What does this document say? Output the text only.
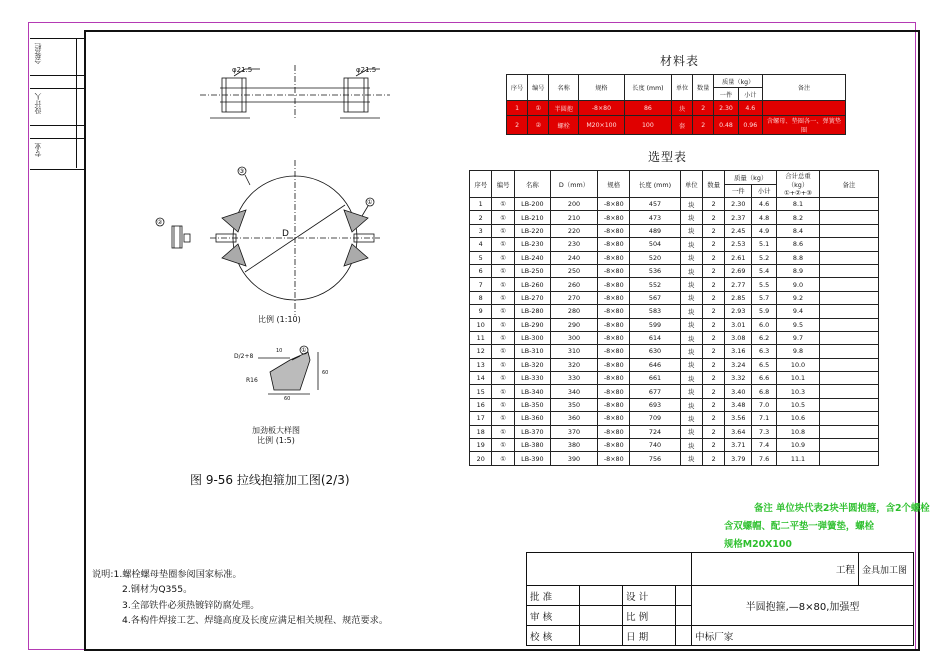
会签栏
设计人
专业
φ21.5	φ21.5
D
③
②
①
①
比例 (1:10)
D/2+8
R16
10
60
60
加劲板大样图
比例 (1:5)
图 9-56 拉线抱箍加工图(2/3)
材料表
序号	编号	名称	规格	长度 (mm)	单位	数量	质量（kg）		备注
							一件	小计	
1	①	半圆抱	-8×80	86	块	2	2.30	4.6	
2	②	螺栓	M20×100	100	套	2	0.48	0.96	含螺母、垫圈各一、弹簧垫圈
选型表
序号	编号	名称	D（mm）	规格	长度 (mm)	单位	数量	质量（kg）		合计总重（kg） ①+②+③	备注
								一件	小计		
1	①	LB-200	200	-8×80	457	块	2	2.30	4.6	8.1	
2	①	LB-210	210	-8×80	473	块	2	2.37	4.8	8.2	
3	①	LB-220	220	-8×80	489	块	2	2.45	4.9	8.4	
4	①	LB-230	230	-8×80	504	块	2	2.53	5.1	8.6	
5	①	LB-240	240	-8×80	520	块	2	2.61	5.2	8.8	
6	①	LB-250	250	-8×80	536	块	2	2.69	5.4	8.9	
7	①	LB-260	260	-8×80	552	块	2	2.77	5.5	9.0	
8	①	LB-270	270	-8×80	567	块	2	2.85	5.7	9.2	
9	①	LB-280	280	-8×80	583	块	2	2.93	5.9	9.4	
10	①	LB-290	290	-8×80	599	块	2	3.01	6.0	9.5	
11	①	LB-300	300	-8×80	614	块	2	3.08	6.2	9.7	
12	①	LB-310	310	-8×80	630	块	2	3.16	6.3	9.8	
13	①	LB-320	320	-8×80	646	块	2	3.24	6.5	10.0	
14	①	LB-330	330	-8×80	661	块	2	3.32	6.6	10.1	
15	①	LB-340	340	-8×80	677	块	2	3.40	6.8	10.3	
16	①	LB-350	350	-8×80	693	块	2	3.48	7.0	10.5	
17	①	LB-360	360	-8×80	709	块	2	3.56	7.1	10.6	
18	①	LB-370	370	-8×80	724	块	2	3.64	7.3	10.8	
19	①	LB-380	380	-8×80	740	块	2	3.71	7.4	10.9	
20	①	LB-390	390	-8×80	756	块	2	3.79	7.6	11.1	
备注 单位块代表2块半圆抱箍，含2个螺栓
含双螺帽、配二平垫一弹簧垫，螺栓
规格M20X100
说明:1.螺栓螺母垫圈参阅国家标准。
2.钢材为Q355。
3.全部铁件必须热镀锌防腐处理。
4.各构件焊接工艺、焊缝高度及长度应满足相关规程、规范要求。
				工程	金具加工图
批 准		设 计		半圆抱箍,—8×80,加强型	
审 核		比 例			
校 核		日 期		中标厂家	
